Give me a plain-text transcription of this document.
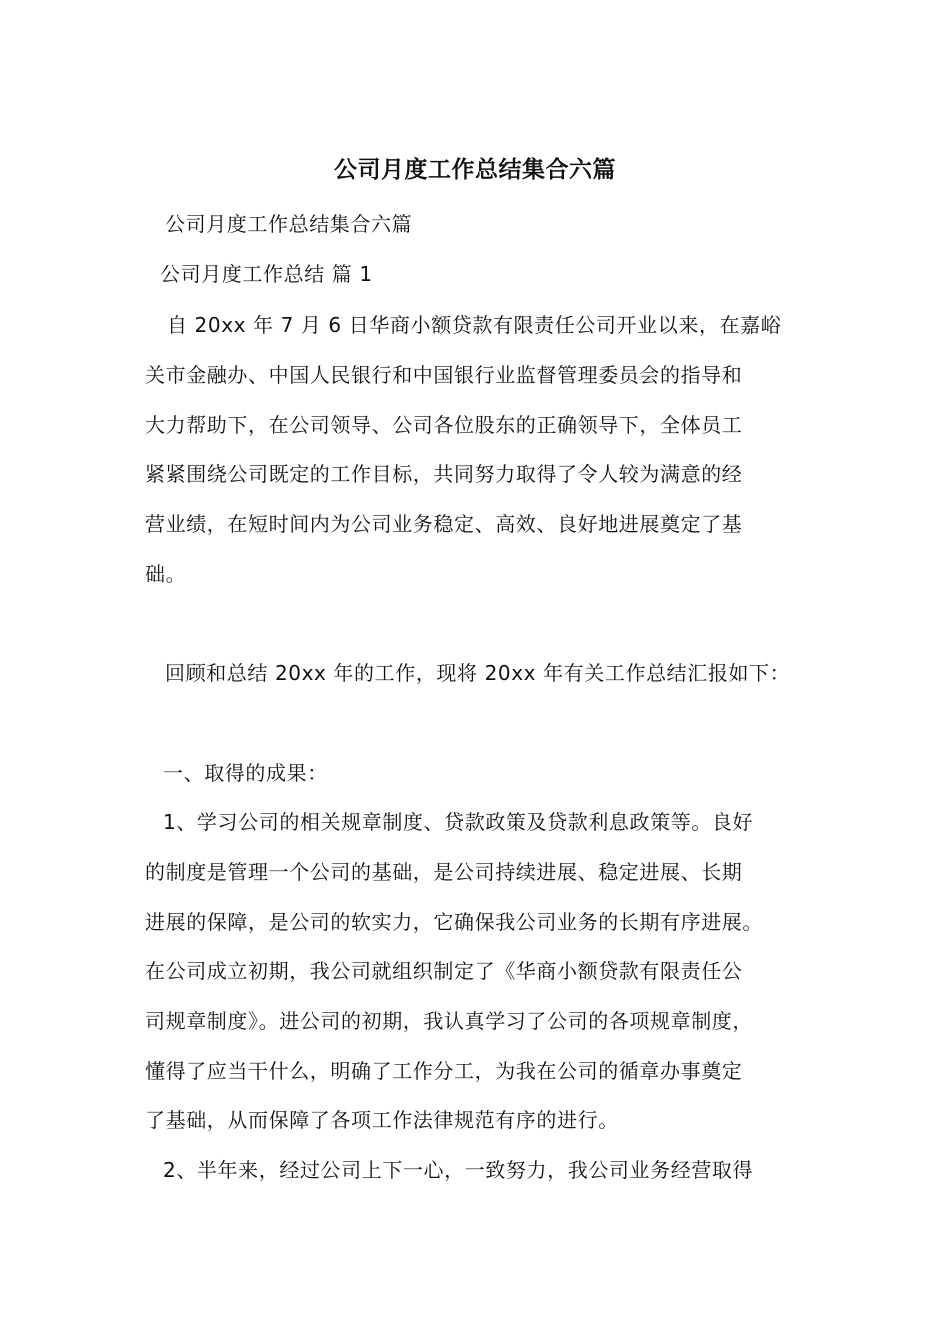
公司月度工作总结集合六篇

公司月度工作总结集合六篇

公司月度工作总结 篇 1

自 20xx 年 7 月 6 日华商小额贷款有限责任公司开业以来，在嘉峪

关市金融办、中国人民银行和中国银行业监督管理委员会的指导和

大力帮助下，在公司领导、公司各位股东的正确领导下，全体员工

紧紧围绕公司既定的工作目标，共同努力取得了令人较为满意的经

营业绩，在短时间内为公司业务稳定、高效、良好地进展奠定了基

础。

回顾和总结 20xx 年的工作，现将 20xx 年有关工作总结汇报如下：

一、取得的成果：

1、学习公司的相关规章制度、贷款政策及贷款利息政策等。良好

的制度是管理一个公司的基础，是公司持续进展、稳定进展、长期

进展的保障，是公司的软实力，它确保我公司业务的长期有序进展。

在公司成立初期，我公司就组织制定了《华商小额贷款有限责任公

司规章制度》。进公司的初期，我认真学习了公司的各项规章制度，

懂得了应当干什么，明确了工作分工，为我在公司的循章办事奠定

了基础，从而保障了各项工作法律规范有序的进行。

2、半年来，经过公司上下一心，一致努力，我公司业务经营取得
